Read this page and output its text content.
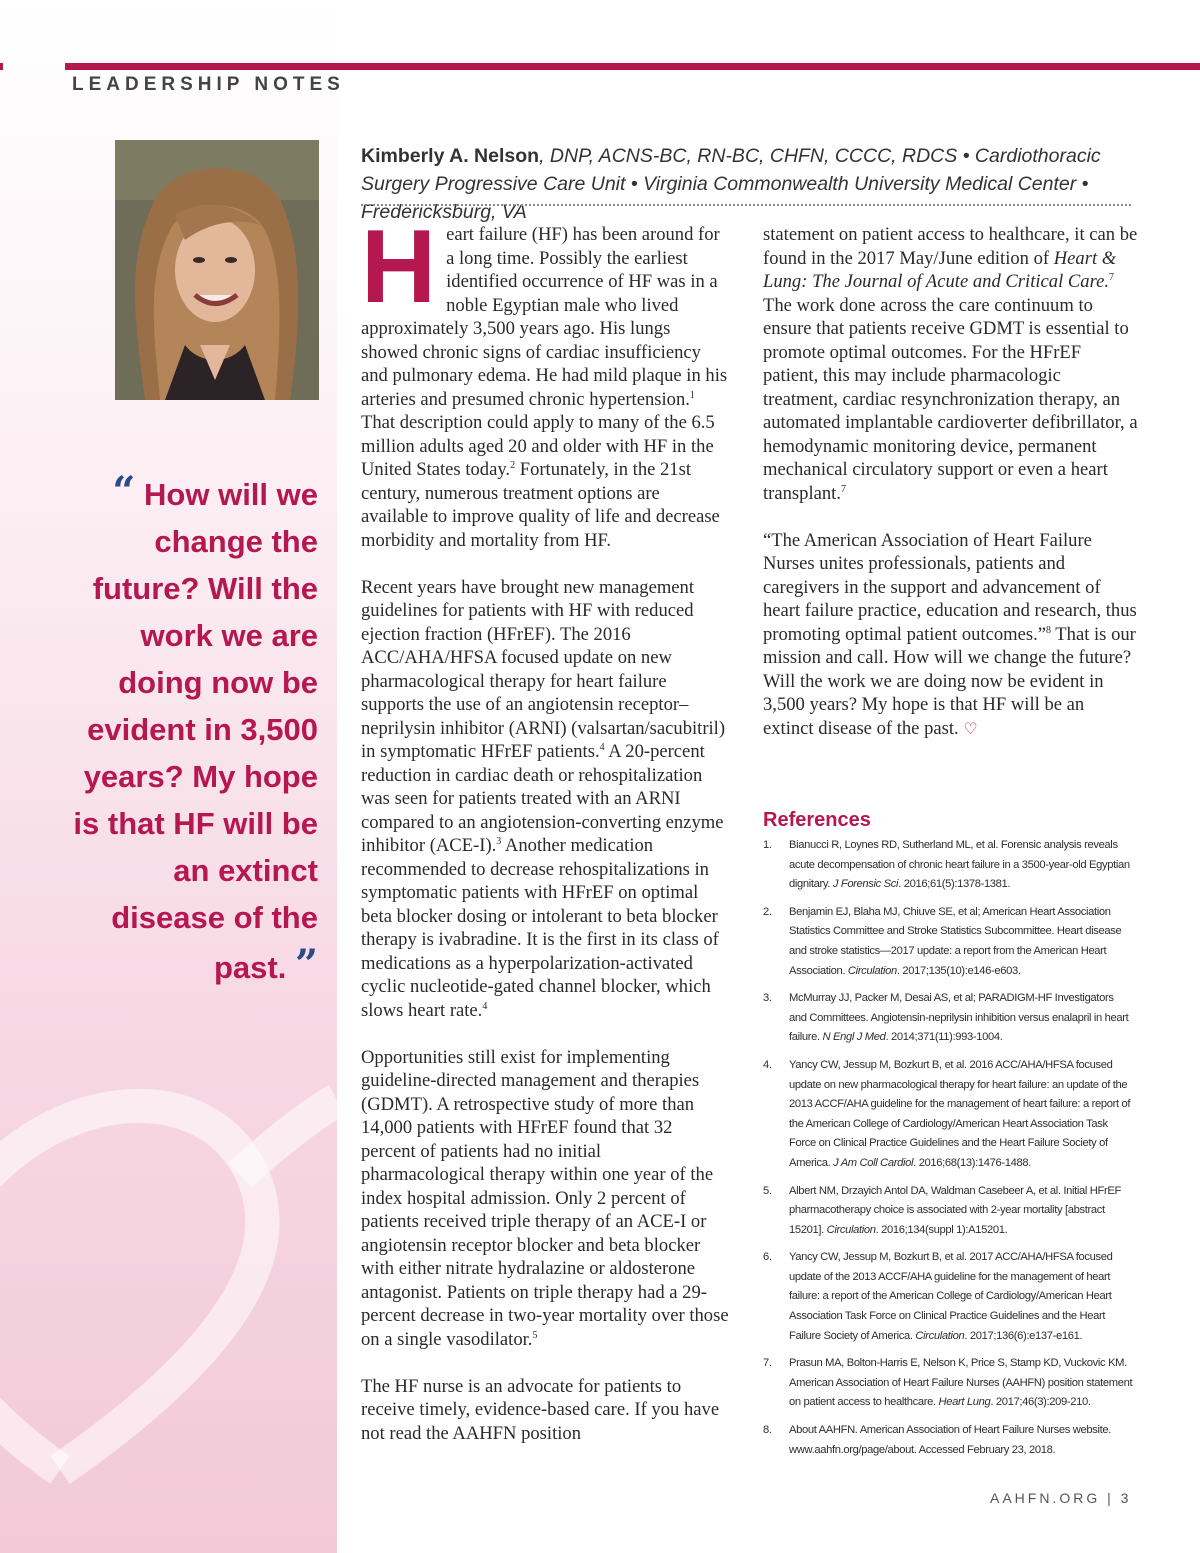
LEADERSHIP NOTES
“ How will we change the future? Will the work we are doing now be evident in 3,500 years? My hope is that HF will be an extinct disease of the past. ”
Kimberly A. Nelson, DNP, ACNS-BC, RN-BC, CHFN, CCCC, RDCS • Cardiothoracic Surgery Progressive Care Unit • Virginia Commonwealth University Medical Center • Fredericksburg, VA

Heart failure (HF) has been around for a long time. Possibly the earliest identified occurrence of HF was in a noble Egyptian male who lived approximately 3,500 years ago. His lungs showed chronic signs of cardiac insufficiency and pulmonary edema. He had mild plaque in his arteries and presumed chronic hypertension.$^1$ That description could apply to many of the 6.5 million adults aged 20 and older with HF in the United States today.$^2$ Fortunately, in the 21st century, numerous treatment options are available to improve quality of life and decrease morbidity and mortality from HF.

Recent years have brought new management guidelines for patients with HF with reduced ejection fraction (HFrEF). The 2016 ACC/AHA/HFSA focused update on new pharmacological therapy for heart failure supports the use of an angiotensin receptor–neprilysin inhibitor (ARNI) (valsartan/sacubitril) in symptomatic HFrEF patients.$^4$ A 20-percent reduction in cardiac death or rehospitalization was seen for patients treated with an ARNI compared to an angiotension-converting enzyme inhibitor (ACE-I).$^3$ Another medication recommended to decrease rehospitalizations in symptomatic patients with HFrEF on optimal beta blocker dosing or intolerant to beta blocker therapy is ivabradine. It is the first in its class of medications as a hyperpolarization-activated cyclic nucleotide-gated channel blocker, which slows heart rate.$^4$

Opportunities still exist for implementing guideline-directed management and therapies (GDMT). A retrospective study of more than 14,000 patients with HFrEF found that 32 percent of patients had no initial pharmacological therapy within one year of the index hospital admission. Only 2 percent of patients received triple therapy of an ACE-I or angiotensin receptor blocker and beta blocker with either nitrate hydralazine or aldosterone antagonist. Patients on triple therapy had a 29-percent decrease in two-year mortality over those on a single vasodilator.$^5$

The HF nurse is an advocate for patients to receive timely, evidence-based care. If you have not read the AAHFN position

statement on patient access to healthcare, it can be found in the 2017 May/June edition of Heart & Lung: The Journal of Acute and Critical Care.$^7$ The work done across the care continuum to ensure that patients receive GDMT is essential to promote optimal outcomes. For the HFrEF patient, this may include pharmacologic treatment, cardiac resynchronization therapy, an automated implantable cardioverter defibrillator, a hemodynamic monitoring device, permanent mechanical circulatory support or even a heart transplant.$^7$

“The American Association of Heart Failure Nurses unites professionals, patients and caregivers in the support and advancement of heart failure practice, education and research, thus promoting optimal patient outcomes.”$^8$ That is our mission and call. How will we change the future? Will the work we are doing now be evident in 3,500 years? My hope is that HF will be an extinct disease of the past. ♡

References
1. Bianucci R, Loynes RD, Sutherland ML, et al. Forensic analysis reveals acute decompensation of chronic heart failure in a 3500-year-old Egyptian dignitary. J Forensic Sci. 2016;61(5):1378-1381.
2. Benjamin EJ, Blaha MJ, Chiuve SE, et al; American Heart Association Statistics Committee and Stroke Statistics Subcommittee. Heart disease and stroke statistics—2017 update: a report from the American Heart Association. Circulation. 2017;135(10):e146-e603.
3. McMurray JJ, Packer M, Desai AS, et al; PARADIGM-HF Investigators and Committees. Angiotensin-neprilysin inhibition versus enalapril in heart failure. N Engl J Med. 2014;371(11):993-1004.
4. Yancy CW, Jessup M, Bozkurt B, et al. 2016 ACC/AHA/HFSA focused update on new pharmacological therapy for heart failure: an update of the 2013 ACCF/AHA guideline for the management of heart failure: a report of the American College of Cardiology/American Heart Association Task Force on Clinical Practice Guidelines and the Heart Failure Society of America. J Am Coll Cardiol. 2016;68(13):1476-1488.
5. Albert NM, Drzayich Antol DA, Waldman Casebeer A, et al. Initial HFrEF pharmacotherapy choice is associated with 2-year mortality [abstract 15201]. Circulation. 2016;134(suppl 1):A15201.
6. Yancy CW, Jessup M, Bozkurt B, et al. 2017 ACC/AHA/HFSA focused update of the 2013 ACCF/AHA guideline for the management of heart failure: a report of the American College of Cardiology/American Heart Association Task Force on Clinical Practice Guidelines and the Heart Failure Society of America. Circulation. 2017;136(6):e137-e161.
7. Prasun MA, Bolton-Harris E, Nelson K, Price S, Stamp KD, Vuckovic KM. American Association of Heart Failure Nurses (AAHFN) position statement on patient access to healthcare. Heart Lung. 2017;46(3):209-210.
8. About AAHFN. American Association of Heart Failure Nurses website. www.aahfn.org/page/about. Accessed February 23, 2018.
AAHFN.ORG | 3
